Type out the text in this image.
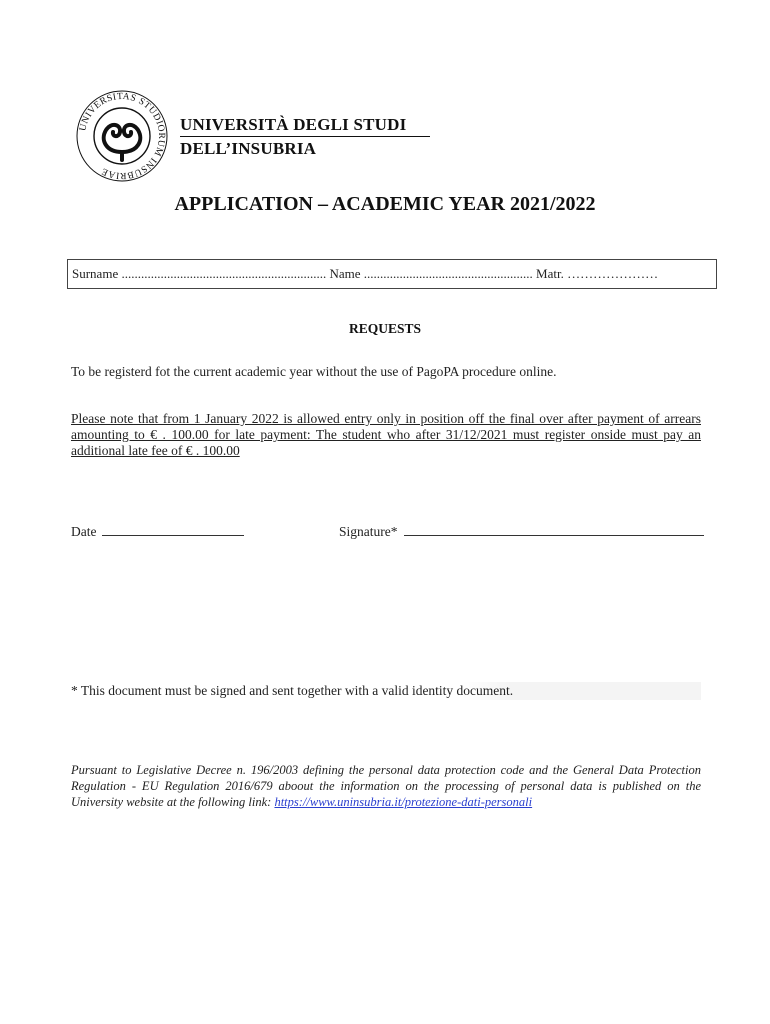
UNIVERSITAS STUDIORUM INSUBRIAE
UNIVERSITÀ DEGLI STUDI
DELL’INSUBRIA
APPLICATION – ACADEMIC YEAR 2021/2022
Surname ............................................................... Name .................................................... Matr. …………………
REQUESTS
To be registerd fot the current academic year without the use of PagoPA procedure online.
Please note that from 1 January 2022 is allowed entry only in position off the final over after payment of arrears amounting to € . 100.00 for late payment: The student who after 31/12/2021 must register onside must pay an additional late fee of € . 100.00
Date	Signature*
* This document must be signed and sent together with a valid identity document.
Pursuant to Legislative Decree n. 196/2003 defining the personal data protection code and the General Data Protection Regulation - EU Regulation 2016/679 aboout the information on the processing of personal data is published on the University website at the following link: https://www.uninsubria.it/protezione-dati-personali
